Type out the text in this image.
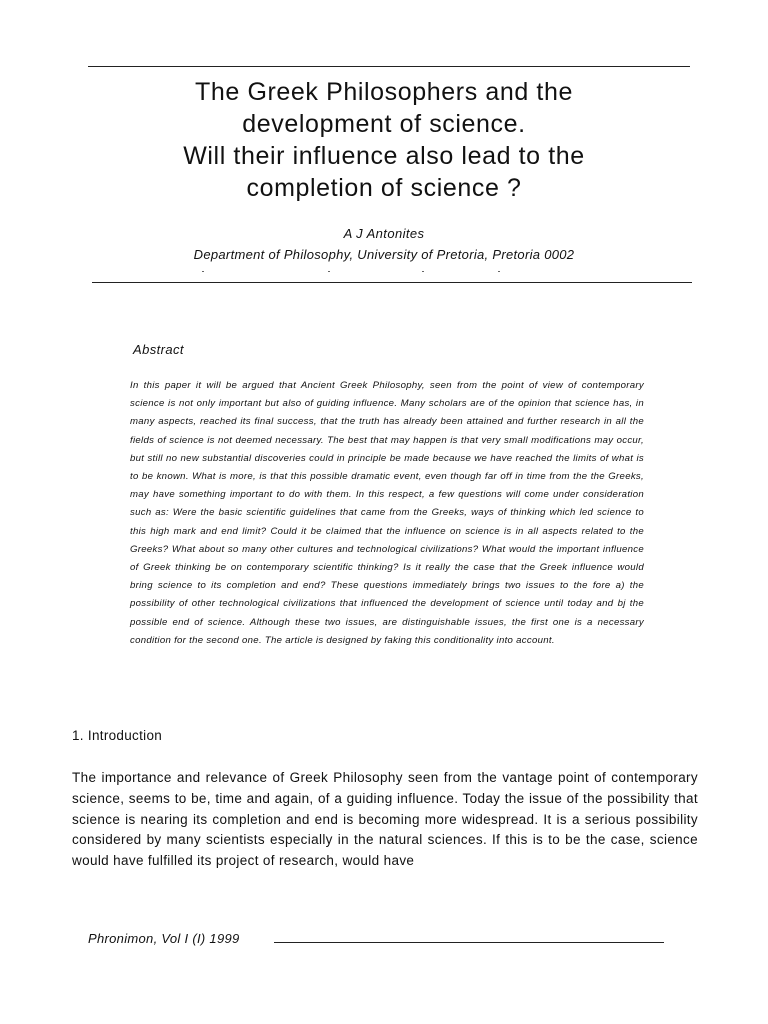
The Greek Philosophers and the
development of science.
Will their influence also lead to the
completion of science ?
A J Antonites
Department of Philosophy, University of Pretoria, Pretoria 0002
Abstract

In this paper it will be argued that Ancient Greek Philosophy, seen from the point of view of contemporary science is not only important but also of guiding influence. Many scholars are of the opinion that science has, in many aspects, reached its final success, that the truth has already been attained and further research in all the fields of science is not deemed necessary. The best that may happen is that very small modifications may occur, but still no new substantial discoveries could in principle be made because we have reached the limits of what is to be known. What is more, is that this possible dramatic event, even though far off in time from the the Greeks, may have something important to do with them. In this respect, a few questions will come under consideration such as: Were the basic scientific guidelines that came from the Greeks, ways of thinking which led science to this high mark and end limit? Could it be claimed that the influence on science is in all aspects related to the Greeks? What about so many other cultures and technological civilizations? What would the important influence of Greek thinking be on contemporary scientific thinking? Is it really the case that the Greek influence would bring science to its completion and end? These questions immediately brings two issues to the fore a) the possibility of other technological civilizations that influenced the development of science until today and bj the possible end of science. Although these two issues, are distinguishable issues, the first one is a necessary condition for the second one. The article is designed by faking this conditionality into account.

1. Introduction

The importance and relevance of Greek Philosophy seen from the vantage point of contemporary science, seems to be, time and again, of a guiding influence. Today the issue of the possibility that science is nearing its completion and end is becoming more widespread. It is a serious possibility considered by many scientists especially in the natural sciences. If this is to be the case, science would have fulfilled its project of research, would have

Phronimon, Vol I (I) 1999
